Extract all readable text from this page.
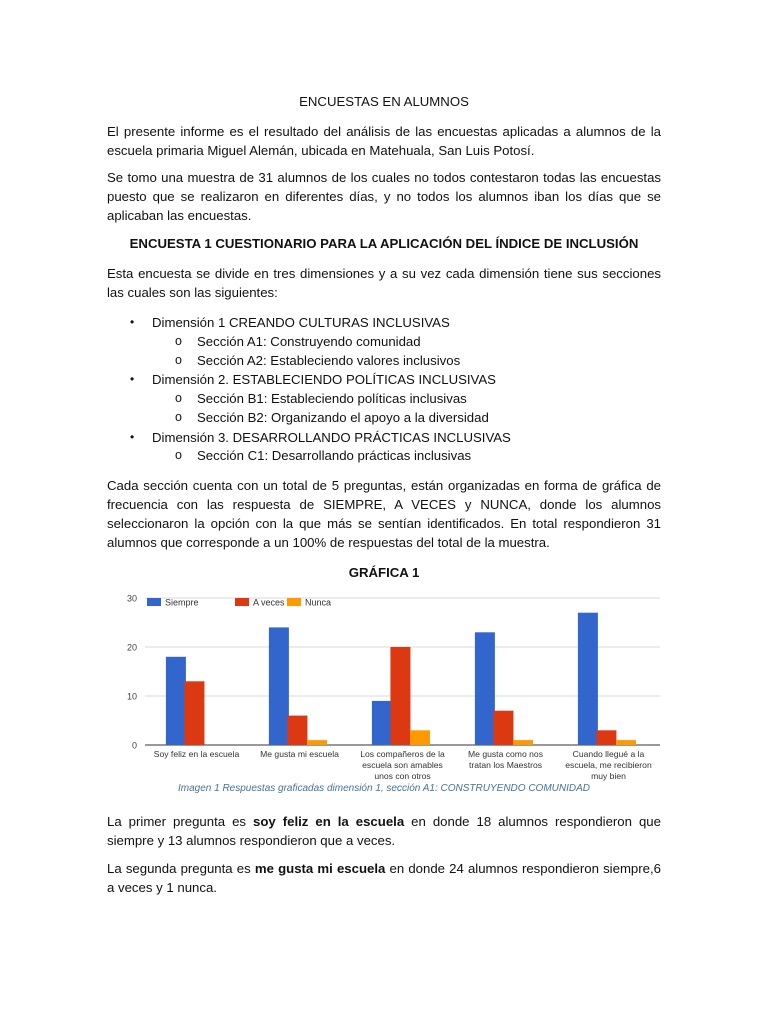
ENCUESTAS EN ALUMNOS

El presente informe es el resultado del análisis de las encuestas aplicadas a alumnos de la escuela primaria Miguel Alemán, ubicada en Matehuala, San Luis Potosí.

Se tomo una muestra de 31 alumnos de los cuales no todos contestaron todas las encuestas puesto que se realizaron en diferentes días, y no todos los alumnos iban los días que se aplicaban las encuestas.

ENCUESTA 1 CUESTIONARIO PARA LA APLICACIÓN DEL ÍNDICE DE INCLUSIÓN

Esta encuesta se divide en tres dimensiones y a su vez cada dimensión tiene sus secciones las cuales son las siguientes:

• Dimensión 1 CREANDO CULTURAS INCLUSIVAS
o Sección A1: Construyendo comunidad
o Sección A2: Estableciendo valores inclusivos
• Dimensión 2. ESTABLECIENDO POLÍTICAS INCLUSIVAS
o Sección B1: Estableciendo políticas inclusivas
o Sección B2: Organizando el apoyo a la diversidad
• Dimensión 3. DESARROLLANDO PRÁCTICAS INCLUSIVAS
o Sección C1: Desarrollando prácticas inclusivas

Cada sección cuenta con un total de 5 preguntas, están organizadas en forma de gráfica de frecuencia con las respuesta de SIEMPRE, A VECES y NUNCA, donde los alumnos seleccionaron la opción con la que más se sentían identificados. En total respondieron 31 alumnos que corresponde a un 100% de respuestas del total de la muestra.

GRÁFICA 1

0
10
20
30
Soy feliz en la escuela Me gusta mi escuela Los compañeros de la
escuela son amables
unos con otros
Me gusta como nos
tratan los Maestros
Cuando llegué a la
escuela, me recibieron
muy bien
Siempre	A veces Nunca

Imagen 1 Respuestas graficadas dimensión 1, sección A1: CONSTRUYENDO COMUNIDAD

La primer pregunta es soy feliz en la escuela en donde 18 alumnos respondieron que siempre y 13 alumnos respondieron que a veces.

La segunda pregunta es me gusta mi escuela en donde 24 alumnos respondieron siempre,6 a veces y 1 nunca.
